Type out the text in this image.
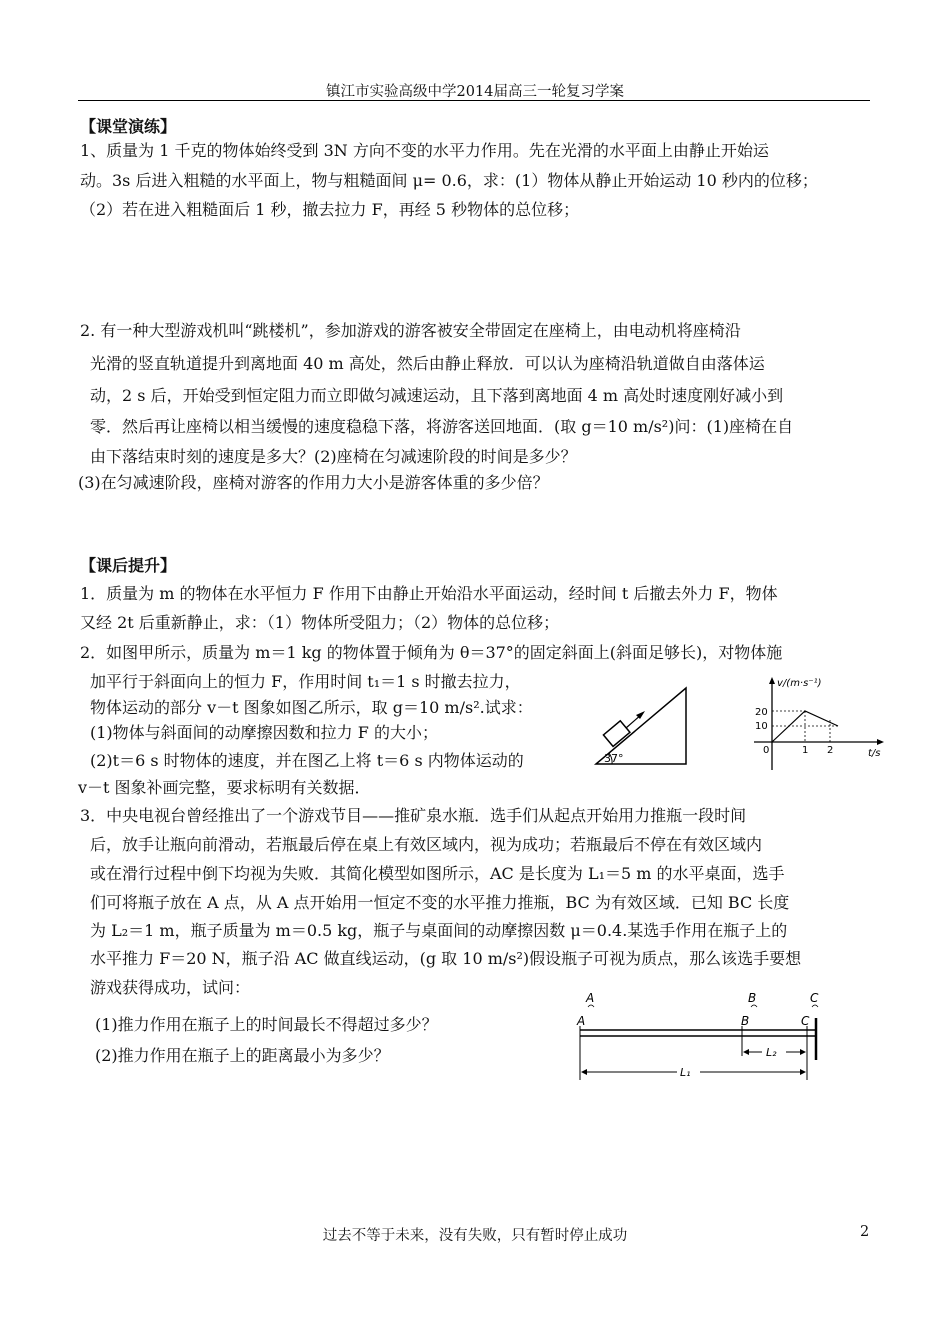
镇江市实验高级中学2014届高三一轮复习学案
【课堂演练】
1、质量为 1 千克的物体始终受到 3N 方向不变的水平力作用。先在光滑的水平面上由静止开始运
动。3s 后进入粗糙的水平面上，物与粗糙面间 μ= 0.6，求：(1）物体从静止开始运动 10 秒内的位移；
（2）若在进入粗糙面后 1 秒，撤去拉力 F，再经 5 秒物体的总位移；
2. 有一种大型游戏机叫“跳楼机”，参加游戏的游客被安全带固定在座椅上，由电动机将座椅沿
光滑的竖直轨道提升到离地面 40 m 高处，然后由静止释放．可以认为座椅沿轨道做自由落体运
动，2 s 后，开始受到恒定阻力而立即做匀减速运动，且下落到离地面 4 m 高处时速度刚好减小到
零．然后再让座椅以相当缓慢的速度稳稳下落，将游客送回地面．(取 g＝10 m/s²)问：(1)座椅在自
由下落结束时刻的速度是多大？(2)座椅在匀减速阶段的时间是多少？
(3)在匀减速阶段，座椅对游客的作用力大小是游客体重的多少倍？
【课后提升】
1．质量为 m 的物体在水平恒力 F 作用下由静止开始沿水平面运动，经时间 t 后撤去外力 F，物体
又经 2t 后重新静止，求：（1）物体所受阻力；（2）物体的总位移；
2．如图甲所示，质量为 m＝1 kg 的物体置于倾角为 θ＝37°的固定斜面上(斜面足够长)，对物体施
加平行于斜面向上的恒力 F，作用时间 t₁＝1 s 时撤去拉力，
物体运动的部分 v－t 图象如图乙所示，取 g＝10 m/s².试求：
(1)物体与斜面间的动摩擦因数和拉力 F 的大小；
(2)t＝6 s 时物体的速度，并在图乙上将 t＝6 s 内物体运动的
v－t 图象补画完整，要求标明有关数据．
37°
v/(m·s⁻¹)
t/s
20
10
0	1 2
3．中央电视台曾经推出了一个游戏节目——推矿泉水瓶．选手们从起点开始用力推瓶一段时间
后，放手让瓶向前滑动，若瓶最后停在桌上有效区域内，视为成功；若瓶最后不停在有效区域内
或在滑行过程中倒下均视为失败．其简化模型如图所示，AC 是长度为 L₁＝5 m 的水平桌面，选手
们可将瓶子放在 A 点，从 A 点开始用一恒定不变的水平推力推瓶，BC 为有效区域．已知 BC 长度
为 L₂＝1 m，瓶子质量为 m＝0.5 kg，瓶子与桌面间的动摩擦因数 μ＝0.4.某选手作用在瓶子上的
水平推力 F＝20 N，瓶子沿 AC 做直线运动，(g 取 10 m/s²)假设瓶子可视为质点，那么该选手要想
游戏获得成功，试问：
(1)推力作用在瓶子上的时间最长不得超过多少？
(2)推力作用在瓶子上的距离最小为多少？
A	B	C
A	B	C
L₂
L₁
过去不等于未来，没有失败，只有暂时停止成功	2
